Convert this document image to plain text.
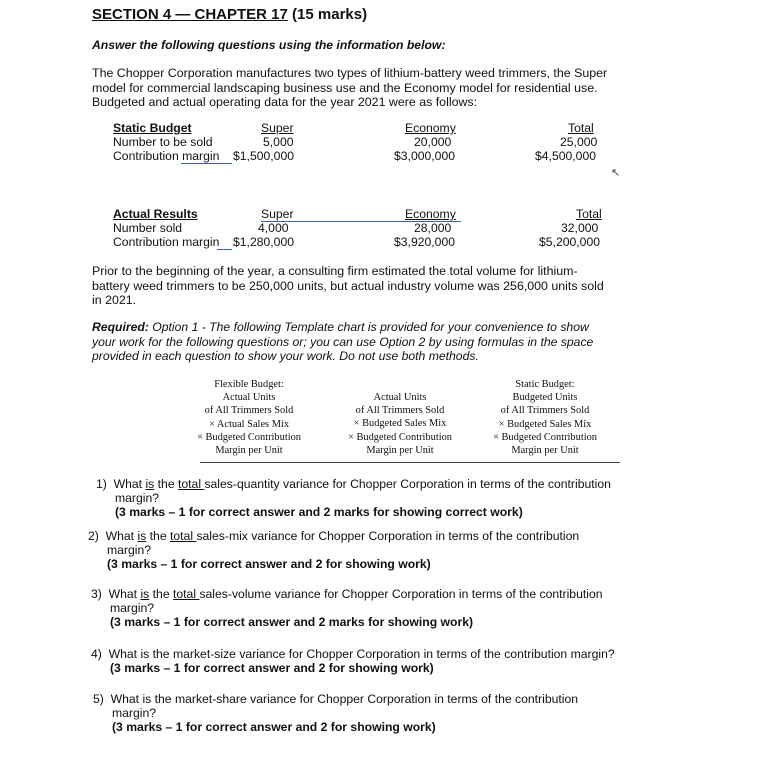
SECTION 4 — CHAPTER 17 (15 marks)
Answer the following questions using the information below:
The Chopper Corporation manufactures two types of lithium-battery weed trimmers, the Super
model for commercial landscaping business use and the Economy model for residential use.
Budgeted and actual operating data for the year 2021 were as follows:
Static Budget	Super	Economy	Total
Number to be sold	5,000	20,000	25,000
Contribution margin $1,500,000	$3,000,000	$4,500,000
↖
Actual Results	Super	Economy	Total
Number sold	4,000	28,000	32,000
Contribution margin $1,280,000	$3,920,000	$5,200,000
Prior to the beginning of the year, a consulting firm estimated the total volume for lithium-
battery weed trimmers to be 250,000 units, but actual industry volume was 256,000 units sold
in 2021.
Required: Option 1 - The following Template chart is provided for your convenience to show
your work for the following questions or; you can use Option 2 by using formulas in the space
provided in each question to show your work. Do not use both methods.
Flexible Budget:
Actual Units
of All Trimmers Sold
× Actual Sales Mix
× Budgeted Contribution
Margin per Unit
Actual Units
of All Trimmers Sold
× Budgeted Sales Mix
× Budgeted Contribution
Margin per Unit
Static Budget:
Budgeted Units
of All Trimmers Sold
× Budgeted Sales Mix
× Budgeted Contribution
Margin per Unit
1) What is the total sales-quantity variance for Chopper Corporation in terms of the contribution
margin?
(3 marks – 1 for correct answer and 2 marks for showing correct work)
2) What is the total sales-mix variance for Chopper Corporation in terms of the contribution
margin?
(3 marks – 1 for correct answer and 2 for showing work)
3) What is the total sales-volume variance for Chopper Corporation in terms of the contribution
margin?
(3 marks – 1 for correct answer and 2 marks for showing work)
4) What is the market-size variance for Chopper Corporation in terms of the contribution margin?
(3 marks – 1 for correct answer and 2 for showing work)
5) What is the market-share variance for Chopper Corporation in terms of the contribution
margin?
(3 marks – 1 for correct answer and 2 for showing work)
